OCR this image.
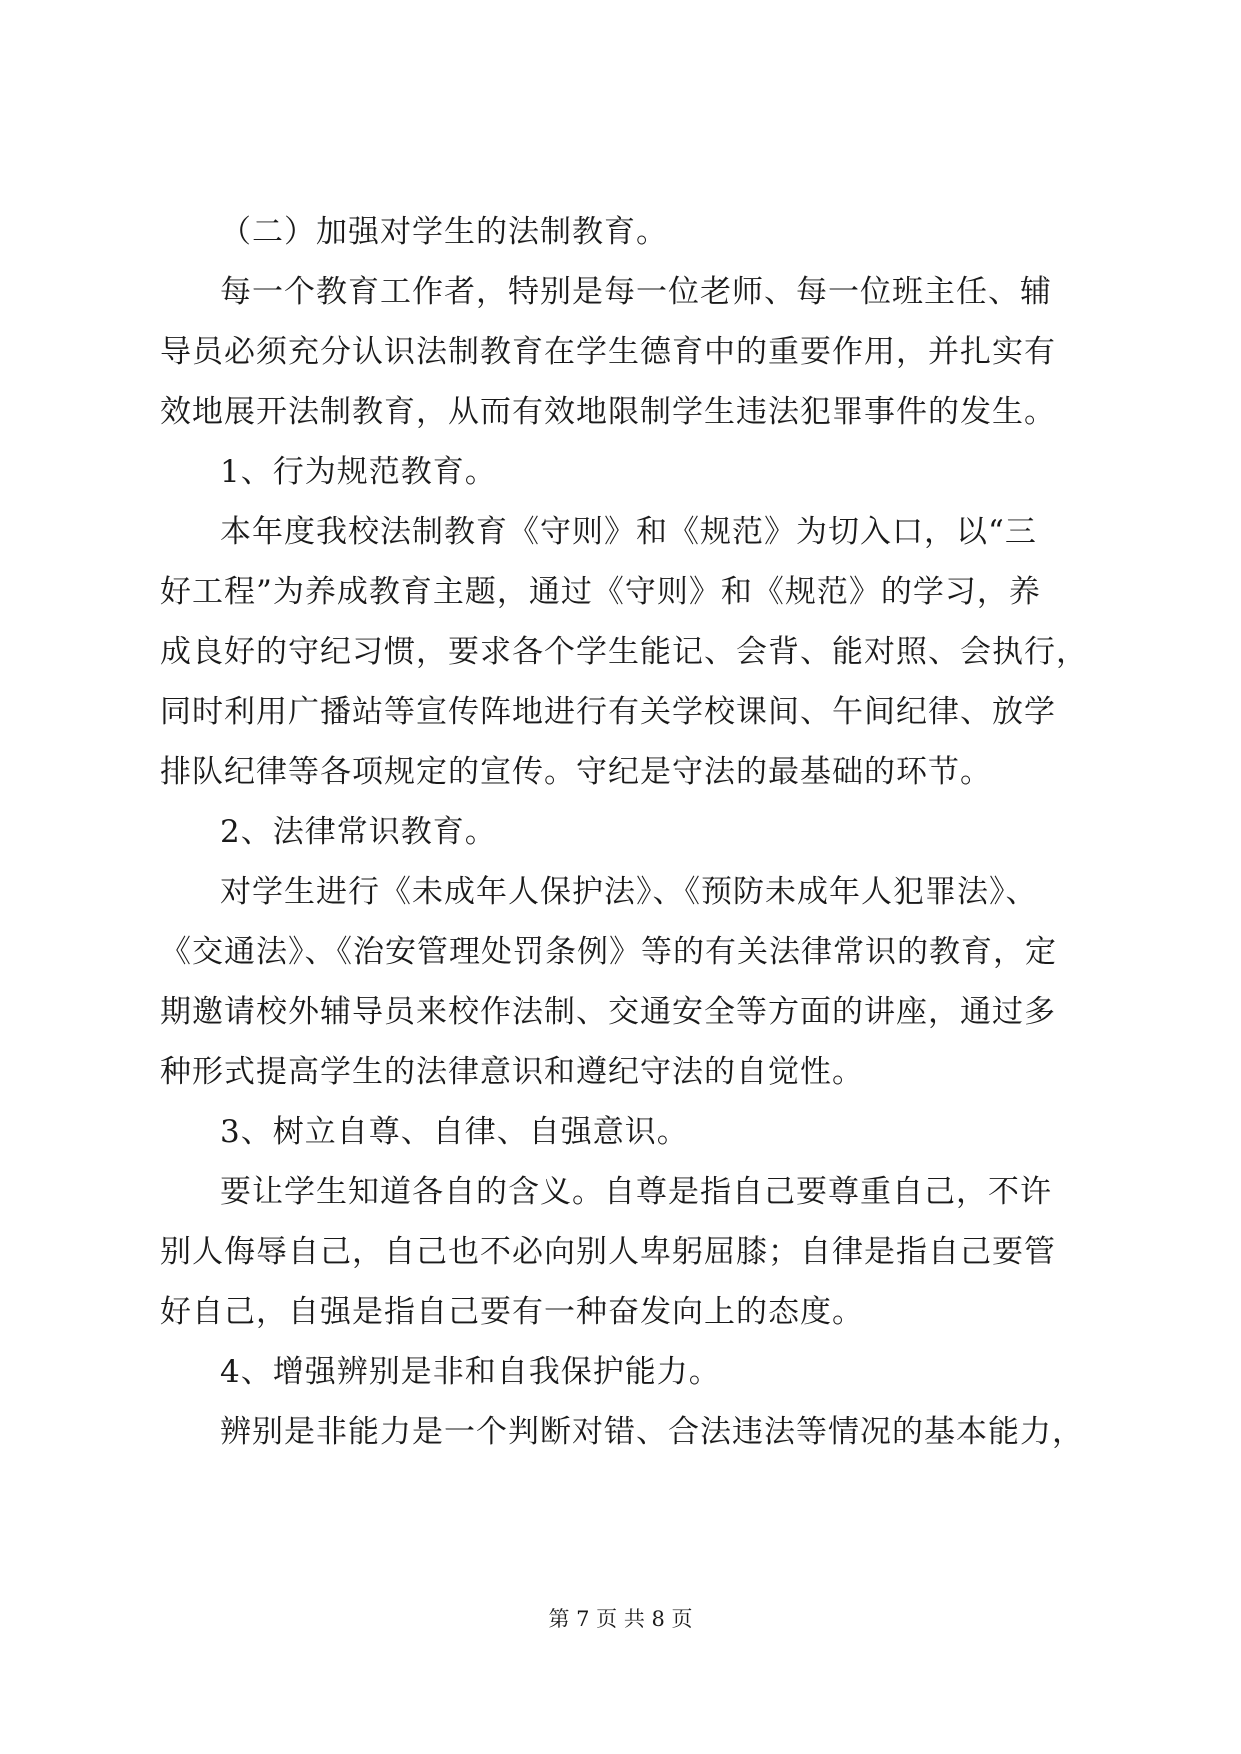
（二）加强对学生的法制教育。
每一个教育工作者，特别是每一位老师、每一位班主任、辅
导员必须充分认识法制教育在学生德育中的重要作用，并扎实有
效地展开法制教育，从而有效地限制学生违法犯罪事件的发生。
1、行为规范教育。
本年度我校法制教育《守则》和《规范》为切入口，以“三
好工程”为养成教育主题，通过《守则》和《规范》的学习，养
成良好的守纪习惯，要求各个学生能记、会背、能对照、会执行，
同时利用广播站等宣传阵地进行有关学校课间、午间纪律、放学
排队纪律等各项规定的宣传。守纪是守法的最基础的环节。
2、法律常识教育。
对学生进行《未成年人保护法》、《预防未成年人犯罪法》、
《交通法》、《治安管理处罚条例》等的有关法律常识的教育，定
期邀请校外辅导员来校作法制、交通安全等方面的讲座，通过多
种形式提高学生的法律意识和遵纪守法的自觉性。
3、树立自尊、自律、自强意识。
要让学生知道各自的含义。自尊是指自己要尊重自己，不许
别人侮辱自己，自己也不必向别人卑躬屈膝；自律是指自己要管
好自己，自强是指自己要有一种奋发向上的态度。
4、增强辨别是非和自我保护能力。
辨别是非能力是一个判断对错、合法违法等情况的基本能力，
第 7 页 共 8 页
